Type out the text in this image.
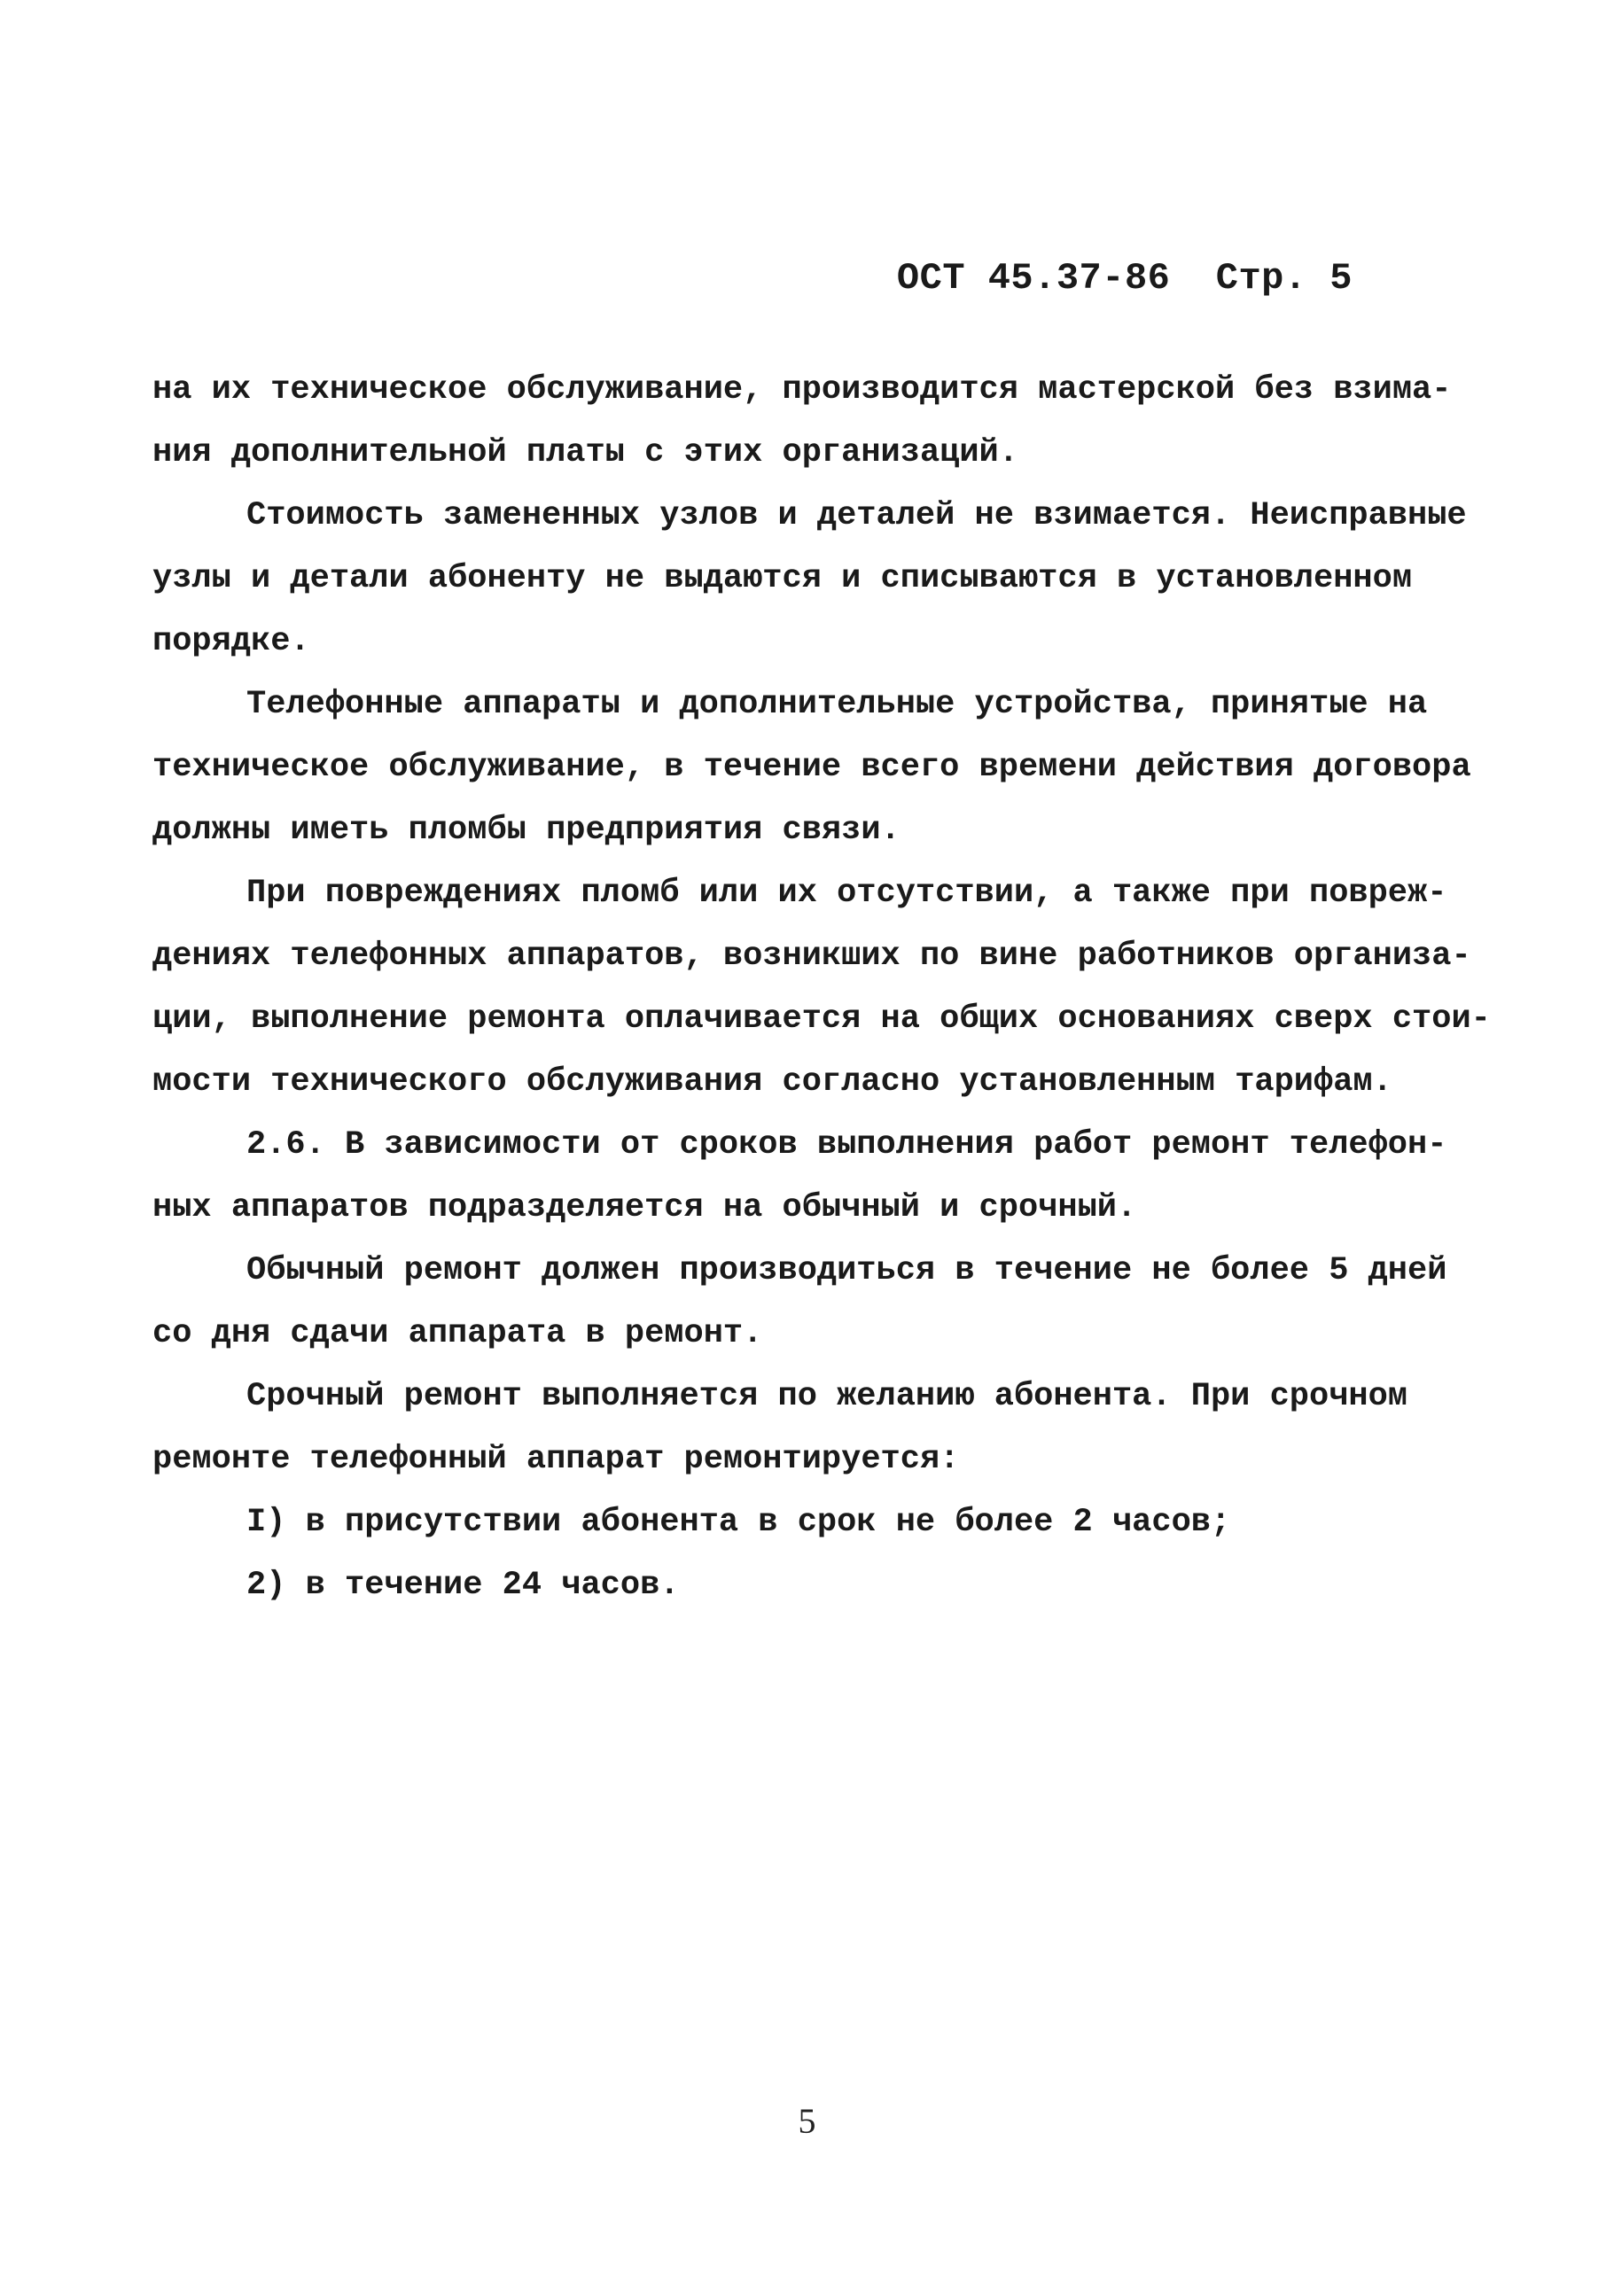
ОСТ 45.37-86  Стр. 5
на их техническое обслуживание, производится мастерской без взима-
ния дополнительной платы с этих организаций.
Стоимость замененных узлов и деталей не взимается. Неисправные
узлы и детали абоненту не выдаются и списываются в установленном
порядке.
Телефонные аппараты и дополнительные устройства, принятые на
техническое обслуживание, в течение всего времени действия договора
должны иметь пломбы предприятия связи.
При повреждениях пломб или их отсутствии, а также при повреж-
дениях телефонных аппаратов, возникших по вине работников организа-
ции, выполнение ремонта оплачивается на общих основаниях сверх стои-
мости технического обслуживания согласно установленным тарифам.
2.6. В зависимости от сроков выполнения работ ремонт телефон-
ных аппаратов подразделяется на обычный и срочный.
Обычный ремонт должен производиться в течение не более 5 дней
со дня сдачи аппарата в ремонт.
Срочный ремонт выполняется по желанию абонента. При срочном
ремонте телефонный аппарат ремонтируется:
I) в присутствии абонента в срок не более 2 часов;
2) в течение 24 часов.
5
